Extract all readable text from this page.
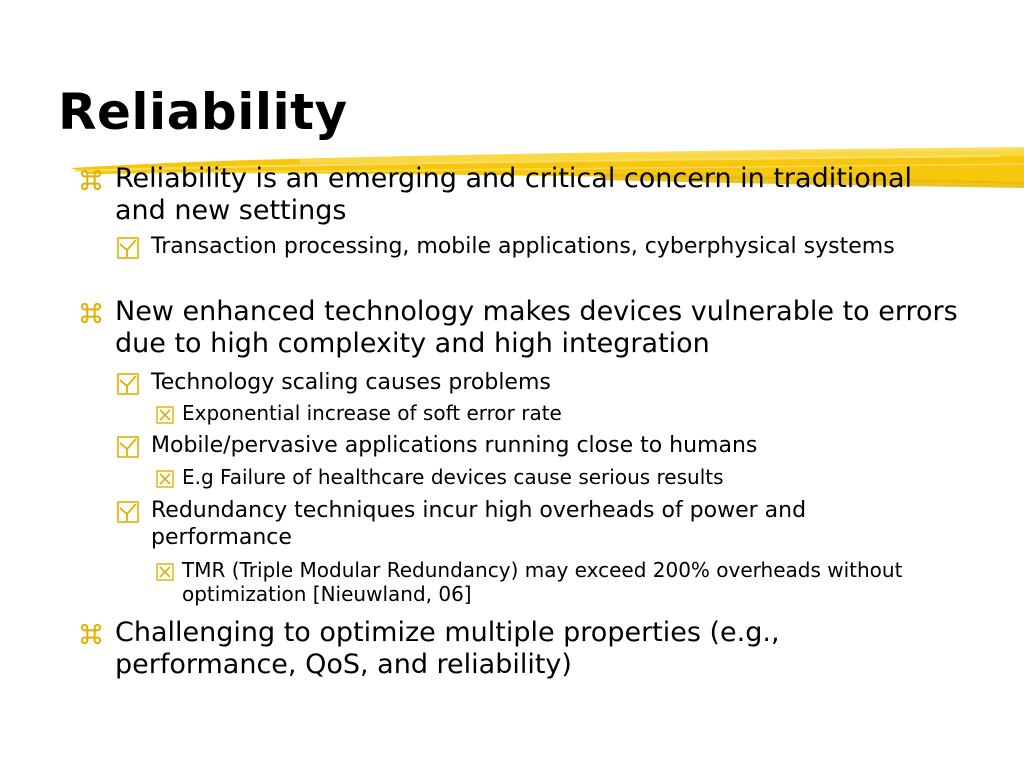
Reliability
Reliability is an emerging and critical concern in traditional and new settings
Transaction processing, mobile applications, cyberphysical systems
New enhanced technology makes devices vulnerable to errors due to high complexity and high integration
Technology scaling causes problems
Exponential increase of soft error rate
Mobile/pervasive applications running close to humans
E.g Failure of healthcare devices cause serious results
Redundancy techniques incur high overheads of power and performance
TMR (Triple Modular Redundancy) may exceed 200% overheads without optimization [Nieuwland, 06]
Challenging to optimize multiple properties (e.g., performance, QoS, and reliability)
